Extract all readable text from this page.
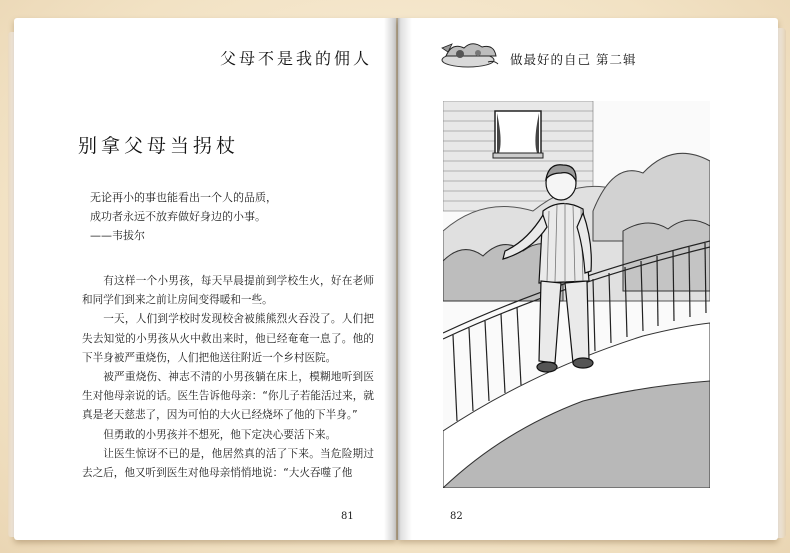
父母不是我的佣人
别拿父母当拐杖
无论再小的事也能看出一个人的品质，
成功者永远不放弃做好身边的小事。
——韦拔尔

有这样一个小男孩，每天早晨提前到学校生火，好在老师和同学们到来之前让房间变得暖和一些。

一天，人们到学校时发现校舍被熊熊烈火吞没了。人们把失去知觉的小男孩从火中救出来时，他已经奄奄一息了。他的下半身被严重烧伤，人们把他送往附近一个乡村医院。

被严重烧伤、神志不清的小男孩躺在床上，模糊地听到医生对他母亲说的话。医生告诉他母亲：“你儿子若能活过来，就真是老天慈悲了，因为可怕的大火已经烧坏了他的下半身。”

但勇敢的小男孩并不想死，他下定决心要活下来。

让医生惊讶不已的是，他居然真的活了下来。当危险期过去之后，他又听到医生对他母亲悄悄地说：“大火吞噬了他

81
做最好的自己 第二辑
82
